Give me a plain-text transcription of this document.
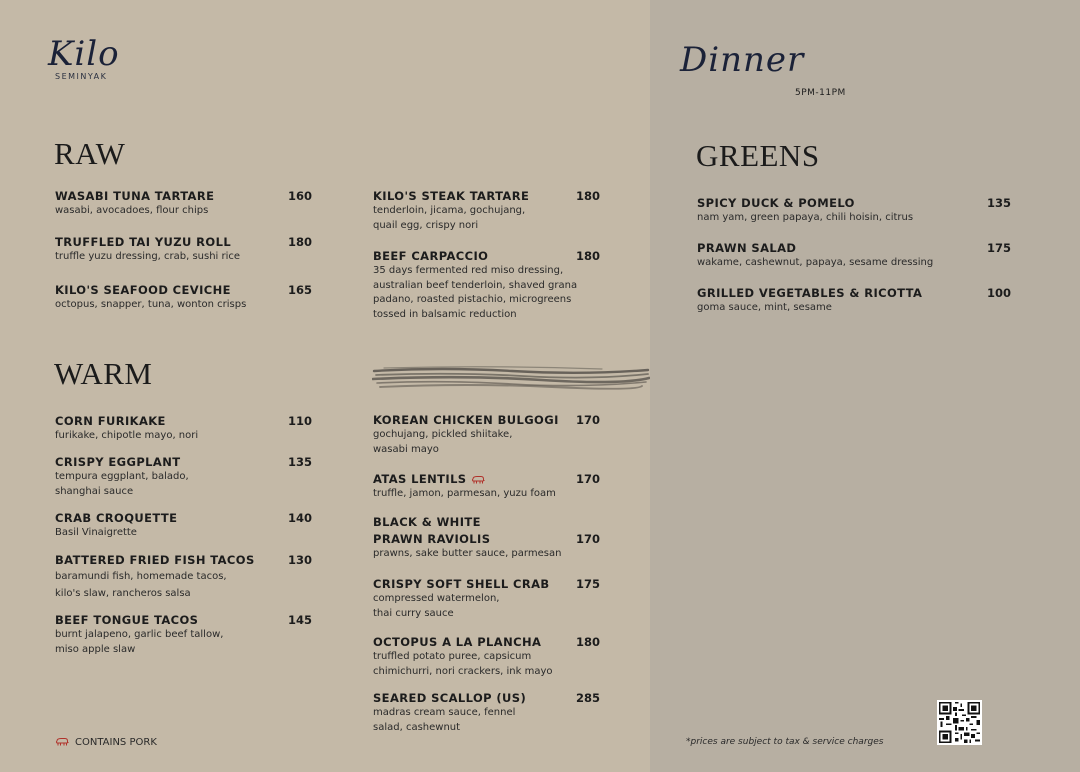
Kilo
SEMINYAK
RAW
WARM
GREENS
WASABI TUNA TARTARE
wasabi, avocadoes, flour chips
160
TRUFFLED TAI YUZU ROLL
truffle yuzu dressing, crab, sushi rice
180
KILO'S SEAFOOD CEVICHE
octopus, snapper, tuna, wonton crisps
165
KILO'S STEAK TARTARE
tenderloin, jicama, gochujang,
quail egg, crispy nori
180
BEEF CARPACCIO
35 days fermented red miso dressing,
australian beef tenderloin, shaved grana
padano, roasted pistachio, microgreens
tossed in balsamic reduction
180
CORN FURIKAKE
furikake, chipotle mayo, nori
110
CRISPY EGGPLANT
tempura eggplant, balado,
shanghai sauce
135
CRAB CROQUETTE
Basil Vinaigrette
140
BATTERED FRIED FISH TACOS
baramundi fish, homemade tacos,
kilo's slaw, rancheros salsa
130
BEEF TONGUE TACOS
burnt jalapeno, garlic beef tallow,
miso apple slaw
145
KOREAN CHICKEN BULGOGI
gochujang, pickled shiitake,
wasabi mayo
170
ATAS LENTILS
truffle, jamon, parmesan, yuzu foam
170
BLACK & WHITE
PRAWN RAVIOLIS
prawns, sake butter sauce, parmesan
170
CRISPY SOFT SHELL CRAB
compressed watermelon,
thai curry sauce
175
OCTOPUS A LA PLANCHA
truffled potato puree, capsicum
chimichurri, nori crackers, ink mayo
180
SEARED SCALLOP (US)
madras cream sauce, fennel
salad, cashewnut
285
Dinner
5PM-11PM
SPICY DUCK & POMELO
nam yam, green papaya, chili hoisin, citrus
135
PRAWN SALAD
wakame, cashewnut, papaya, sesame dressing
175
GRILLED VEGETABLES & RICOTTA
goma sauce, mint, sesame
100
CONTAINS PORK	*prices are subject to tax & service charges
